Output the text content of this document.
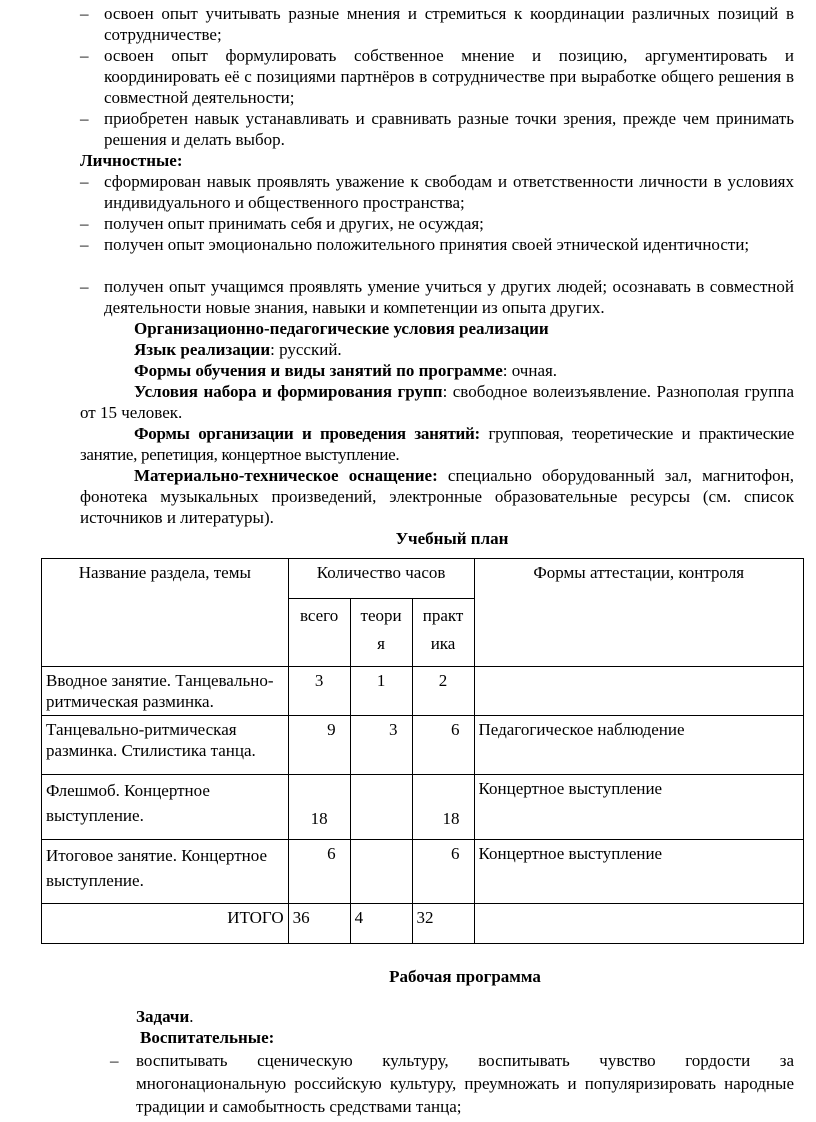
– освоен опыт учитывать разные мнения и стремиться к координации различных позиций в сотрудничестве;
– освоен опыт формулировать собственное мнение и позицию, аргументировать и координировать её с позициями партнёров в сотрудничестве при выработке общего решения в совместной деятельности;
– приобретен навык устанавливать и сравнивать разные точки зрения, прежде чем принимать решения и делать выбор.
Личностные:
– сформирован навык проявлять уважение к свободам и ответственности личности в условиях индивидуального и общественного пространства;
– получен опыт принимать себя и других, не осуждая;
– получен опыт эмоционально положительного принятия своей этнической идентичности;
– получен опыт учащимся проявлять умение учиться у других людей; осознавать в совместной деятельности новые знания, навыки и компетенции из опыта других.
Организационно-педагогические условия реализации
Язык реализации: русский.
Формы обучения и виды занятий по программе: очная.
Условия набора и формирования групп: свободное волеизъявление. Разнополая группа от 15 человек.
Формы организации и проведения занятий: групповая, теоретические и практические занятие, репетиция, концертное выступление.
Материально-техническое оснащение: специально оборудованный зал, магнитофон, фонотека музыкальных произведений, электронные образовательные ресурсы (см. список источников и литературы).
Учебный план
Название раздела, темы	Количество часов			Формы аттестации, контроля
	всего	теори я	практ ика	
Вводное занятие. Танцевально-ритмическая разминка.	3	1	2	
Танцевально-ритмическая разминка. Стилистика танца.	9	3	6	Педагогическое наблюдение
Флешмоб. Концертное выступление.	18		18	Концертное выступление
Итоговое занятие. Концертное выступление.	6		6	Концертное выступление
ИТОГО	36	4	32	
Рабочая программа
Задачи.
Воспитательные:
– воспитывать сценическую культуру, воспитывать чувство гордости за многонациональную российскую культуру, преумножать и популяризировать народные традиции и самобытность средствами танца;
